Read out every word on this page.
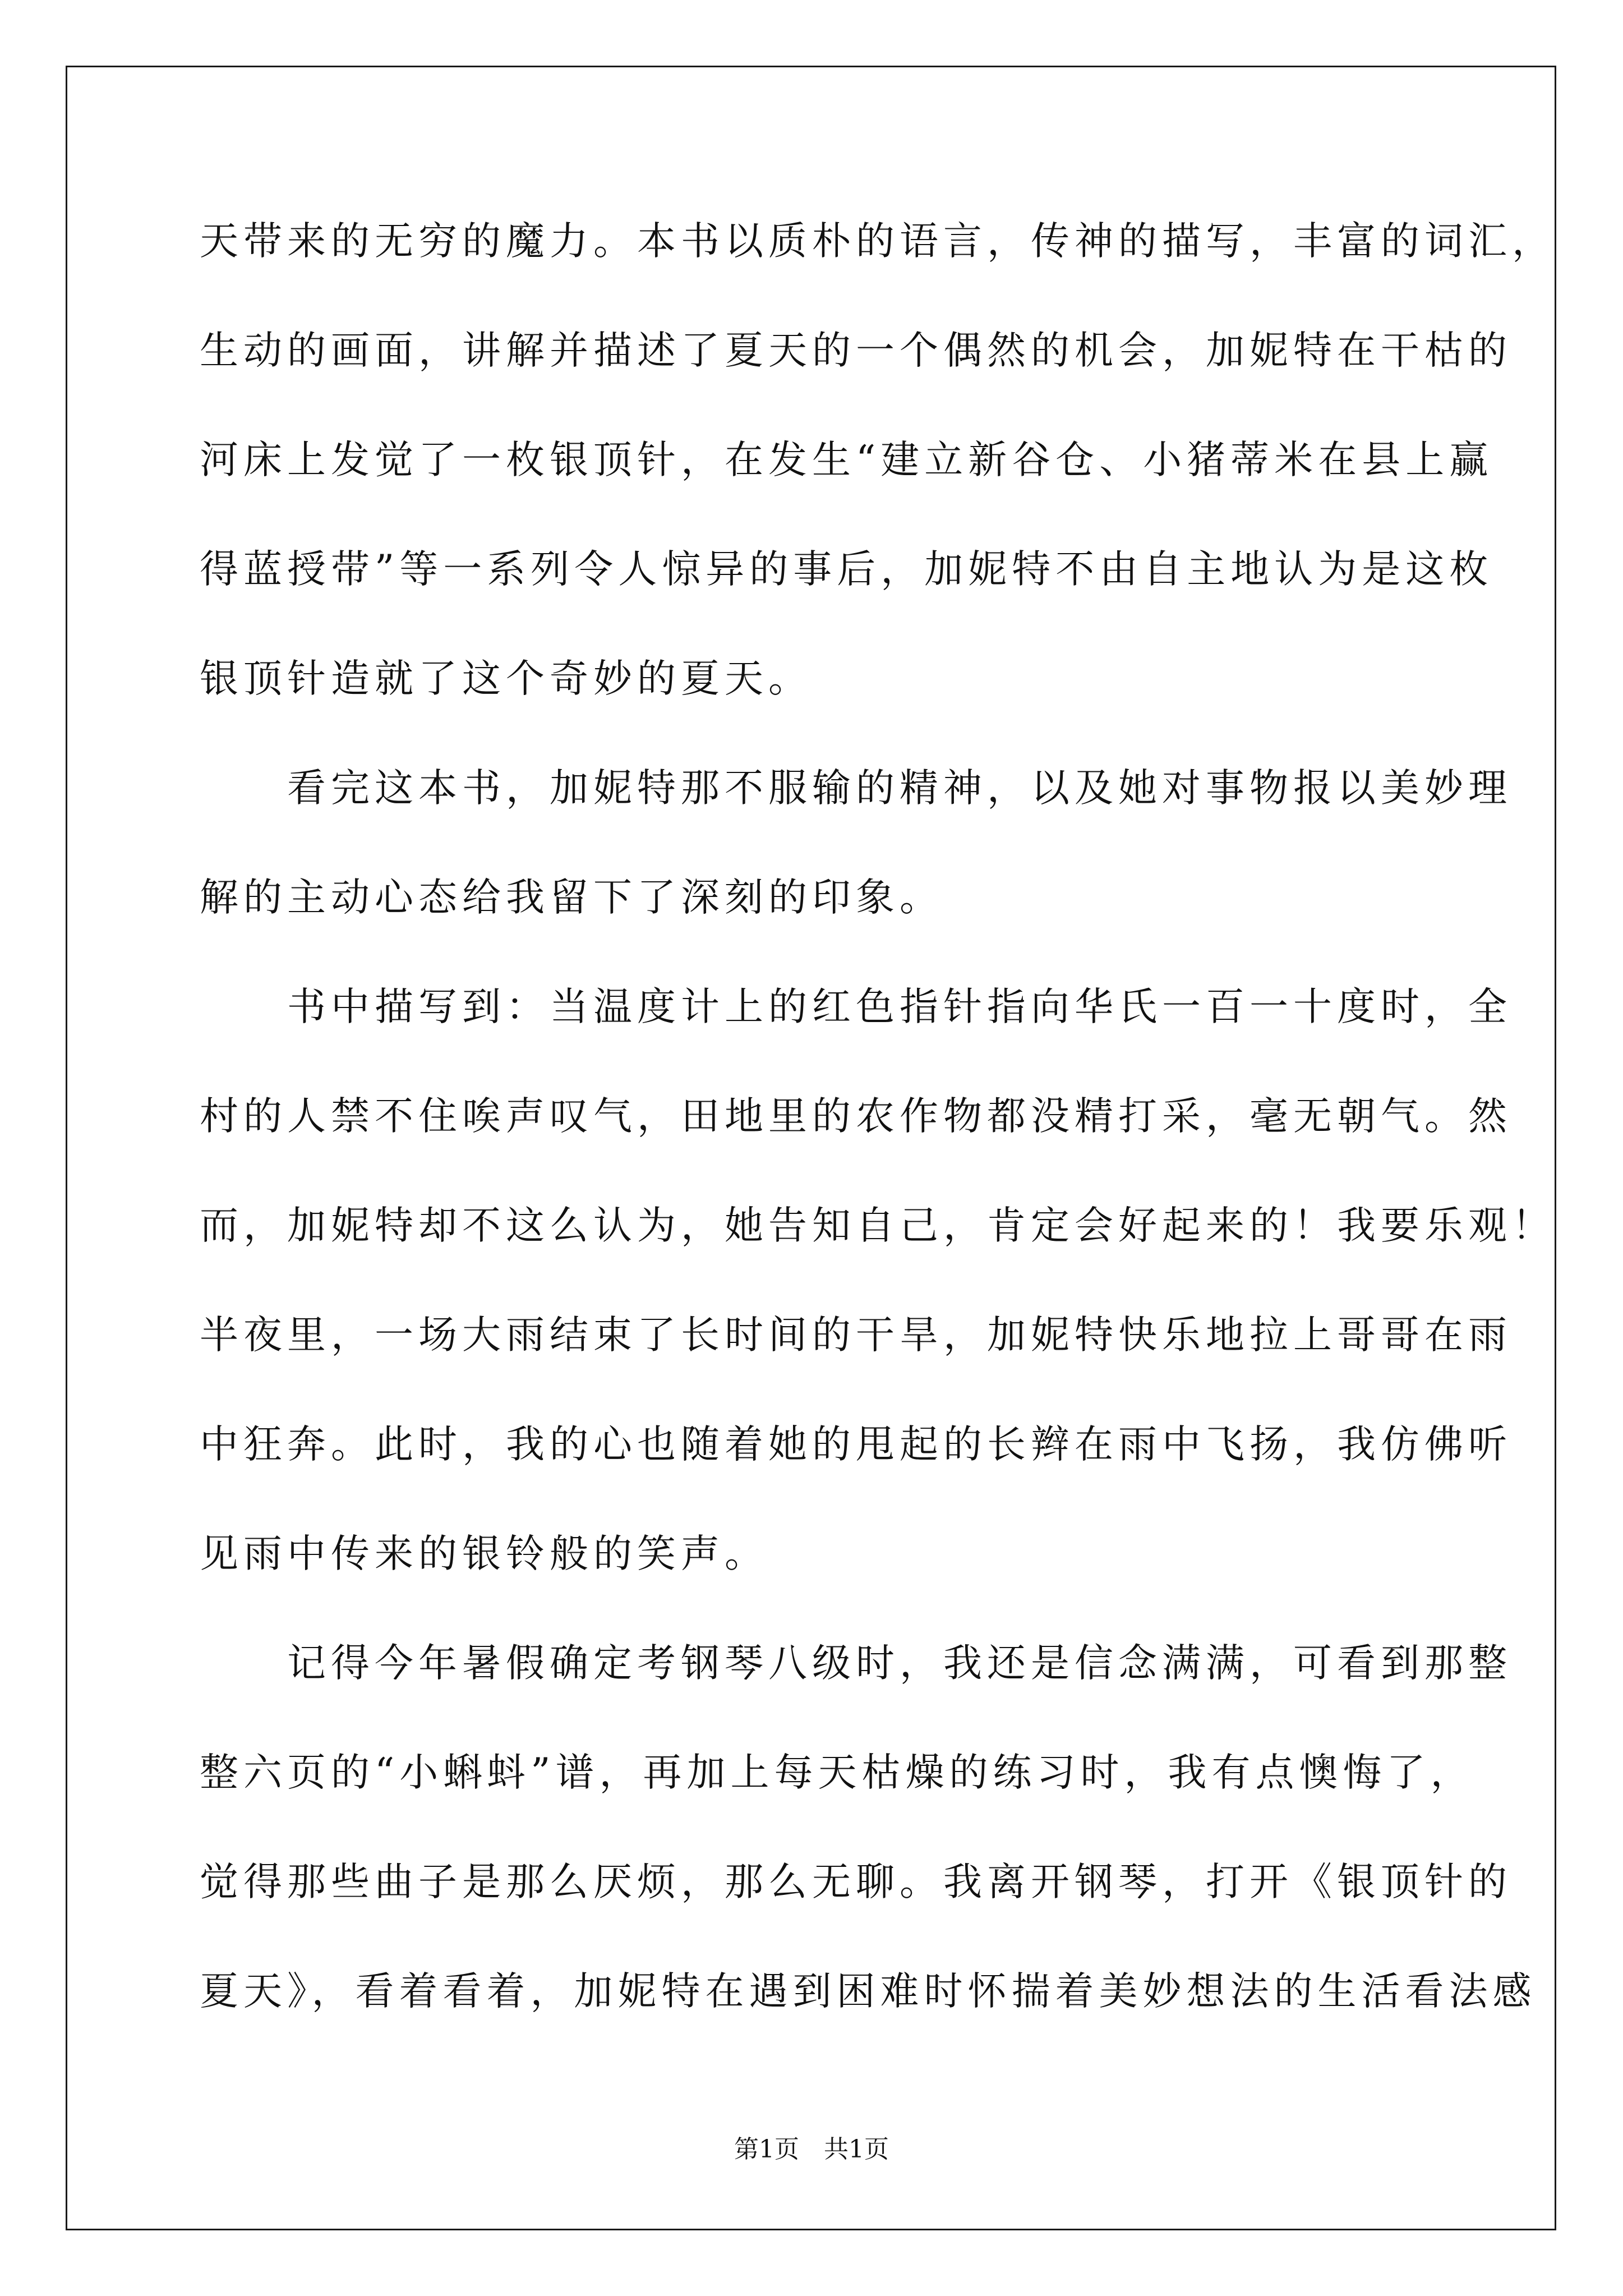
天带来的无穷的魔力。本书以质朴的语言，传神的描写，丰富的词汇，
生动的画面，讲解并描述了夏天的一个偶然的机会，加妮特在干枯的
河床上发觉了一枚银顶针，在发生“建立新谷仓、小猪蒂米在县上赢
得蓝授带”等一系列令人惊异的事后，加妮特不由自主地认为是这枚
银顶针造就了这个奇妙的夏天。
　　看完这本书，加妮特那不服输的精神，以及她对事物报以美妙理
解的主动心态给我留下了深刻的印象。
　　书中描写到：当温度计上的红色指针指向华氏一百一十度时，全
村的人禁不住唉声叹气，田地里的农作物都没精打采，毫无朝气。然
而，加妮特却不这么认为，她告知自己，肯定会好起来的！我要乐观！
半夜里，一场大雨结束了长时间的干旱，加妮特快乐地拉上哥哥在雨
中狂奔。此时，我的心也随着她的甩起的长辫在雨中飞扬，我仿佛听
见雨中传来的银铃般的笑声。
　　记得今年暑假确定考钢琴八级时，我还是信念满满，可看到那整
整六页的“小蝌蚪”谱，再加上每天枯燥的练习时，我有点懊悔了，
觉得那些曲子是那么厌烦，那么无聊。我离开钢琴，打开《银顶针的
夏天》，看着看着，加妮特在遇到困难时怀揣着美妙想法的生活看法感
第1页　共1页
